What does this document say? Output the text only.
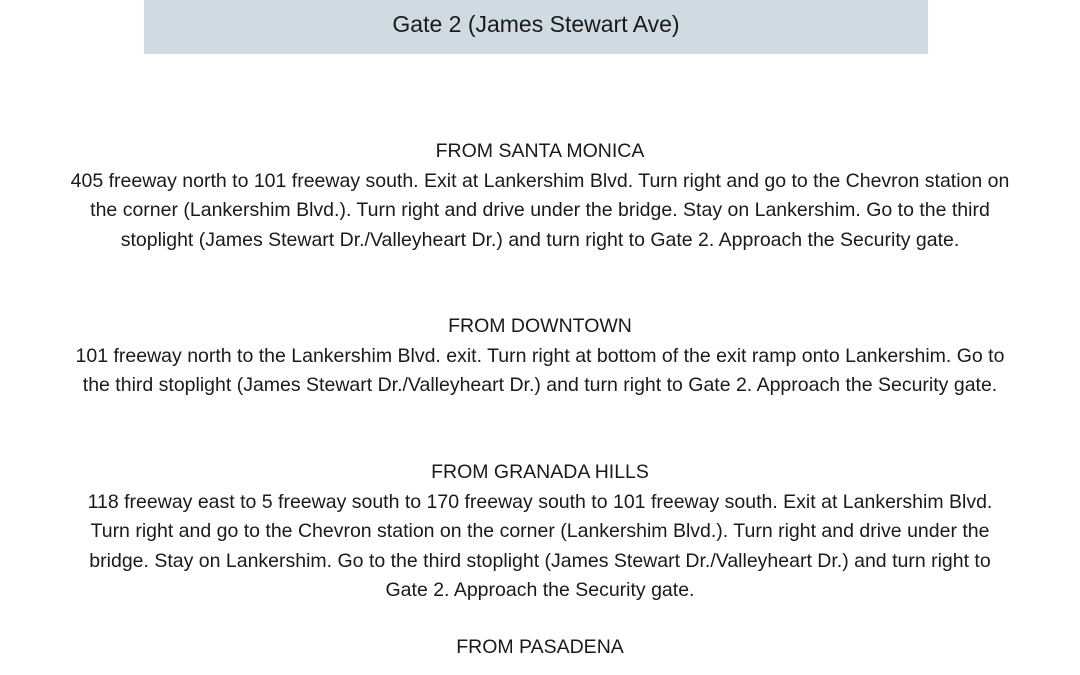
Gate 2 (James Stewart Ave)
FROM SANTA MONICA
405 freeway north to 101 freeway south. Exit at Lankershim Blvd. Turn right and go to the Chevron station on the corner (Lankershim Blvd.). Turn right and drive under the bridge. Stay on Lankershim. Go to the third stoplight (James Stewart Dr./Valleyheart Dr.) and turn right to Gate 2. Approach the Security gate.
FROM DOWNTOWN
101 freeway north to the Lankershim Blvd. exit. Turn right at bottom of the exit ramp onto Lankershim. Go to the third stoplight (James Stewart Dr./Valleyheart Dr.) and turn right to Gate 2. Approach the Security gate.
FROM GRANADA HILLS
118 freeway east to 5 freeway south to 170 freeway south to 101 freeway south. Exit at Lankershim Blvd. Turn right and go to the Chevron station on the corner (Lankershim Blvd.). Turn right and drive under the bridge. Stay on Lankershim. Go to the third stoplight (James Stewart Dr./Valleyheart Dr.) and turn right to Gate 2. Approach the Security gate.
FROM PASADENA
